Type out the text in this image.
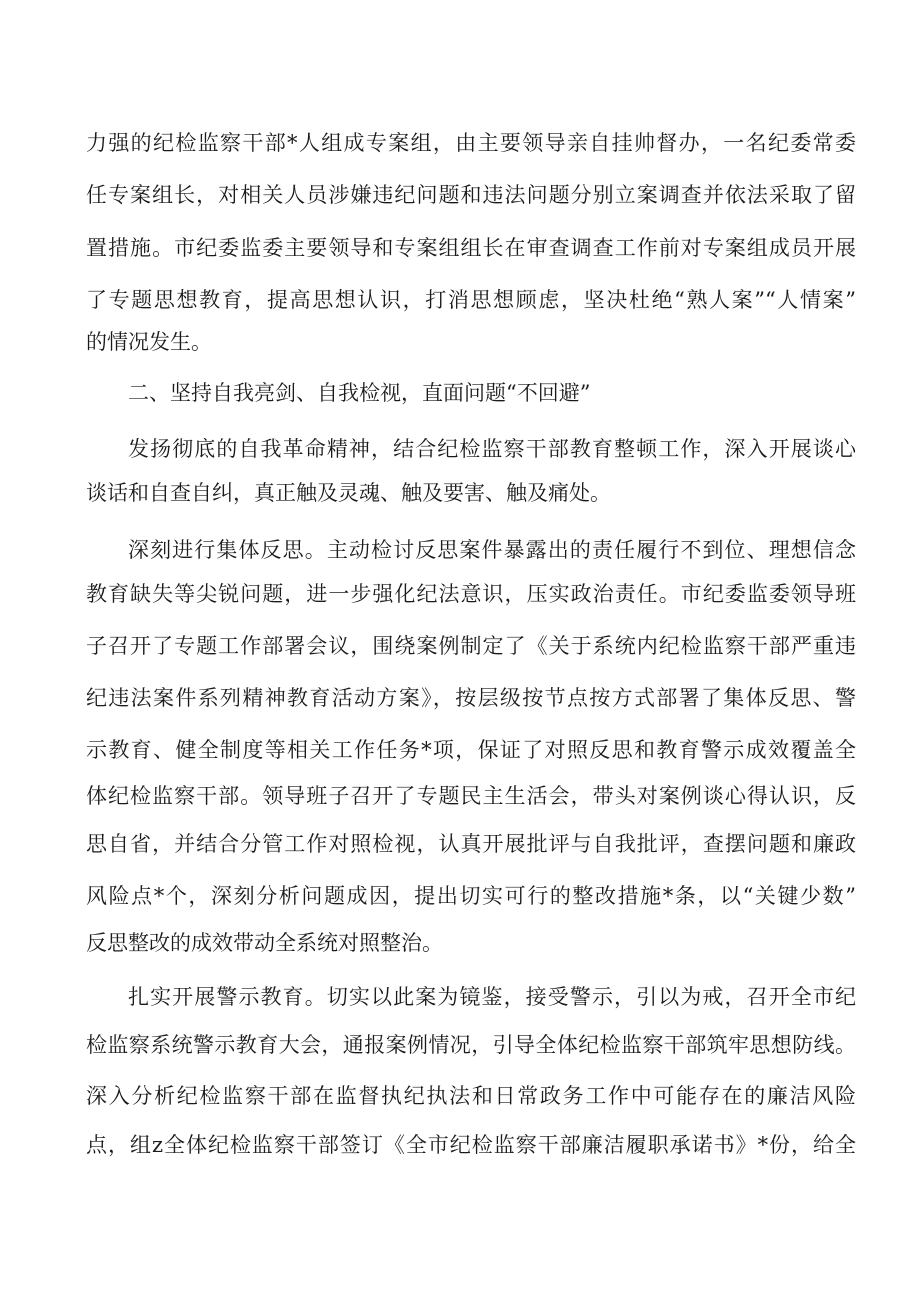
力强的纪检监察干部*人组成专案组，由主要领导亲自挂帅督办，一名纪委常委
任专案组长，对相关人员涉嫌违纪问题和违法问题分别立案调查并依法采取了留
置措施。市纪委监委主要领导和专案组组长在审查调查工作前对专案组成员开展
了专题思想教育，提高思想认识，打消思想顾虑，坚决杜绝“熟人案”“人情案”
的情况发生。
二、坚持自我亮剑、自我检视，直面问题“不回避”
发扬彻底的自我革命精神，结合纪检监察干部教育整顿工作，深入开展谈心
谈话和自查自纠，真正触及灵魂、触及要害、触及痛处。
深刻进行集体反思。主动检讨反思案件暴露出的责任履行不到位、理想信念
教育缺失等尖锐问题，进一步强化纪法意识，压实政治责任。市纪委监委领导班
子召开了专题工作部署会议，围绕案例制定了《关于系统内纪检监察干部严重违
纪违法案件系列精神教育活动方案》，按层级按节点按方式部署了集体反思、警
示教育、健全制度等相关工作任务*项，保证了对照反思和教育警示成效覆盖全
体纪检监察干部。领导班子召开了专题民主生活会，带头对案例谈心得认识，反
思自省，并结合分管工作对照检视，认真开展批评与自我批评，查摆问题和廉政
风险点*个，深刻分析问题成因，提出切实可行的整改措施*条，以“关键少数”
反思整改的成效带动全系统对照整治。
扎实开展警示教育。切实以此案为镜鉴，接受警示，引以为戒，召开全市纪
检监察系统警示教育大会，通报案例情况，引导全体纪检监察干部筑牢思想防线。
深入分析纪检监察干部在监督执纪执法和日常政务工作中可能存在的廉洁风险
点，组z全体纪检监察干部签订《全市纪检监察干部廉洁履职承诺书》*份，给全
